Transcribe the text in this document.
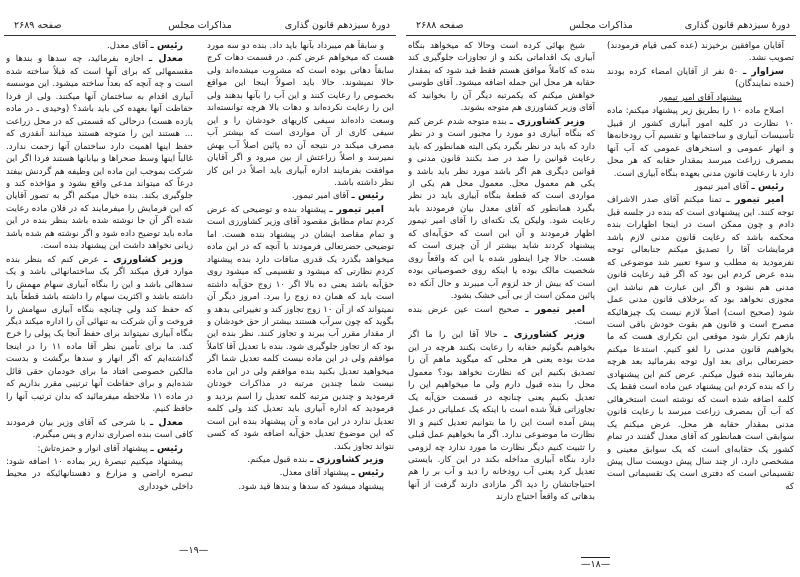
دورهٔ سیزدهم قانون گذاری
مذاکرات مجلس
صفحه ۲۶۸۹

و سابقاً هم میبرداد بآنها باید داد. بنده دو سه مورد هست که میخواهم عرض کنم. در قسمت دهات کرج سابقاً دهاتی بوده است که مشروب میشده‌اند ولی حالا نمیشوند. حالا باید اصولاً اینجا این مواقع بخصوص را رعایت کنند و این آب را بآنها بدهند ولی این را رعایت نکرده‌اند و دهات بالا هرچه توانسته‌اند وسعت داده‌اند سیفی کاریهای خودشان را و این سیفی کاری از آن مواردی است که بیشتر آب مصرف میکند در نتیجه آن ده پائین اصلاً آب بهش نمیرسد و اصلاً زراعتش از بین میرود و اگر آقایان موافقت بفرمایند اداره آبیاری باید اصلاً در این کار نظر داشته باشد.

رئیس ـ آقای امیر تیمور.

امیر تیمور ـ پیشنهاد بنده و توضیحی که عرض کردم تمام مطابق مقصود آقای وزیر کشاورزی است و تمام مقاصد ایشان در پیشنهاد بنده هست. اما توضیحی حضرتعالی فرمودند با آنچه که در این ماده میخواهد بگذرد یک قدری منافات دارد بنده پیشنهاد کردم نظارتی که میشود و تقسیمی که میشود روی حق‌آبه باشد یعنی ده بالا اگر ۱۰ زوج حق‌آبه داشته است باید که همان ده زوج را ببرد. امروز دیگر آن نمیتواند که از آن ۱۰ زوج تجاوز کند و تغییراتی بدهد و بگوید که چون سرآب هستند بیشتر از حق خودشان و از مقدار مقرر آب ببرند و تجاوز کنند. نظر بنده این بود که از تجاوز جلوگیری شود. بنده با تعدیل آقا کاملاً موافقم ولی در این ماده نیست کلمه تعدیل شما اگر میخواهید تعدیل بکنید بنده موافقم ولی در این ماده نیست شما چندین مرتبه در مذاکرات خودتان فرمودید و چندین مرتبه کلمه تعدیل را اسم بردید و فرمودید که اداره آبیاری باید تعدیل کند ولی کلمه تعدیل ندارد در این ماده و آن پیشنهاد بنده این است که این موضوع تعدیل حق‌آبه اضافه شود که کسی نتواند تجاوز بکند.

وزیر کشاورزی ـ بنده قبول میکنم.

رئیس ـ پیشنهاد آقای معدل.

پیشنهاد میشود که سدها و بندها قید شود.

رئیس ـ آقای معدل.

معدل ـ اجازه بفرمائید، چه سدها و بندها و مقسمهائی که برای آنها است که قبلاً ساخته شده است و چه آنچه که بعداً ساخته میشود. این موسسه آبیاری اقدام به ساختمان آنها میکنند. ولی از فردا حفاظت آنها بعهده کی باید باشد؟ (وحیدی ـ در ماده یازده هست) درحالی که قسمتی که در محل زراعت ... هستند این را متوجه هستند میدانند آنقدری که حفظ اینها اهمیت دارد ساختمان آنها زحمت ندارد. غالباً اینها وسط صحراها و بیابانها هستند فردا اگر این شرکت بموجب این ماده این وظیفه هم گردنش بیفتد درعاً که میتواند مدعی واقع بشود و مؤاخذه کند و جلوگیری بکند. بنده خیال میکنم اگر به تصور آقایان که این فرمایش را میفرمایند که در فلان ماده رعایت شده اگر آن جا نوشته شده باشد بنظر بنده در این ماده باید توضیح داده شود و اگر نوشته هم شده باشد زیانی نخواهد داشت این پیشنهاد بنده است.

وزیر کشاورزی ـ عرض کنم که بنظر بنده موارد فرق میکند اگر یک ساختمانهائی باشد و یک سدهائی باشد و این را بنگاه آبیاری سهام مهمش را داشته باشد و اکثریت سهام را داشته باشد قطعاً باید که حفظ کند ولی چنانچه بنگاه آبیاری سهامش را فروخت و آن شرکت به تنهائی آن را اداره میکند دیگر بنگاه آبیاری نمیتواند برای حفظ آنجا یک پولی را خرج کند. ما برای تأمین نظر آقا ماده ۱۱ را در اینجا گذاشته‌ایم که اگر انهار و سدها برگشت و بدست مالکین خصوصی افتاد ما برای خودمان حقی قائل شده‌ایم و برای حفاظت آنها ترتیبی مقرر بداریم که در ماده ۱۱ ملاحظه میفرمائید که بدان ترتیب آنها را حافظ کنیم.

معدل ـ با شرحی که آقای وزیر بیان فرمودند کافی است بنده اصراری ندارم و پس میگیرم.

رئیس ـ پیشنهاد آقای انوار و حمزه‌تاش:

پیشنهاد میکنیم تبصرهٔ زیر بماده ۱۰ اضافه شود: تبصره اراضی و مزارع و دهستانهائیکه در محیط داخلی خودداری

—۱۹—
دورهٔ سیزدهم قانون گذاری
مذاکرات مجلس
صفحه ۲۶۸۸

آقایان موافقین برخیزند (عده کمی قیام فرمودند) تصویب نشد.

سزاوار ـ ۵۰ نفر از آقایان امضاء کرده بودند (خنده نمایندگان)

پیشنهاد آقای امیر تیمور

اصلاح ماده ۱۰ را بطریق زیر پیشنهاد میکنم: ماده ۱۰ نظارت در کلیه امور آبیاری کشور از قبیل تأسیسات آبیاری و ساختمانها و تقسیم آب رودخانه‌ها و انهار عمومی و استخرهای عمومی که آب آنها بمصرف زراعت میرسد بمقدار حقابه که هر محل دارد با رعایت قانون مدنی بعهده بنگاه آبیاری است.

رئیس ـ آقای امیر تیمور

امیر تیمور ـ تمنا میکنم آقای صدر الاشراف توجه کنند. این پیشنهادی است که بنده در جلسه قبل دادم و چون ممکن است در اینجا اظهارات بنده محکمه باشد که رعایت قانون مدنی لازم باشد فرمایشات آقا را تصدیق میکنم جنابعالی توجه نفرمودید به مطلب و سوء تعبیر شد موضوعی که بنده عرض کردم این بود که اگر قید رعایت قانون مدنی هم نشود و اگر این عبارت هم نباشد این مجوزی نخواهد بود که برخلاف قانون مدنی عمل شود (صحیح است) اصلاً لازم نیست یک چیزهائیکه مصرح است و قانون هم بقوت خودش باقی است بازهم تکرار شود موقعی این تکراری هست که ما بخواهیم قانون مدنی را لغو کنیم. استدعا میکنم حضرتعالی برای بعد اول توجه بفرمائید بعد هرچه بفرمائید بنده قبول میکنم. عرض کنم این پیشنهادی را که بنده کردم این پیشنهاد عین ماده است فقط یک کلمه اضافه شده است که نوشته است استخرهائی که آب آن بمصرف زراعت میرسد با رعایت قانون مدنی بمقدار حقابه هر محل. عرض میکنم یک سوابقی است همانطور که آقای معدل گفتند در تمام کشور یک حقابه‌ای است که یک سوابق معینی و مشخصی دارد. از چند سال پیش دویست سال پیش تقسیماتی است که دفتری است یک تقسیماتی است که

شیخ بهائی کرده است وحالا که میخواهد بنگاه آبیاری یک اقداماتی بکند و از تجاوزات جلوگیری کند بنده که کاملاً موافق هستم فقط قید شود که بمقدار حقابه هر محل این جمله اضافه میشود. آقای طوسی خواهش میکنم که یکمرتبه دیگر آن را بخوانید که آقای وزیر کشاورزی هم متوجه بشوند.

وزیر کشاورزی ـ بنده متوجه شدم عرض کنم که بنگاه آبیاری دو مورد را مجبور است و در نظر دارد که باید در نظر بگیرد یکی البته همانطور که باید رعایت قوانین را صد در صد بکنند قانون مدنی و قوانین دیگری هم اگر باشد مورد نظر باید باشد و یکی هم معمول محل. معمول محل هم یکی از مواردی است که قطعهٔ بنگاه آبیاری باید در نظر بگیرد همانطور که آقای معدل بیان فرمودند باید رعایت شود. ولیکن یک نکته‌ای را آقای امیر تیمور اظهار فرمودند و آن این است که حق‌آبه‌ای که پیشنهاد کردند شاید بیشتر از آن چیزی است که هست. حالا چرا اینطور شده یا این که واقعاً روی شخصیت مالک بوده یا اینکه روی خصوصیاتی بوده است که بیش از حد لزوم آب میبرند و حال آنکه ده پائین ممکن است از بی آبی خشک بشود.

امیر تیمور ـ صحیح است عین عرض بنده است.

وزیر کشاورزی ـ حالا آقا این را ما اگر بخواهیم بگوئیم حقابه را رعایت بکنند هرچه در این مدت بوده یعنی هر محلی که میگوید ماهم آن را تصدیق بکنیم این که نظارت نخواهد بود؟ معمول محل را بنده قبول دارم ولی ما میخواهیم این را تعدیل بکنیم یعنی چنانچه در قسمت حق‌آبه یک تجاوزاتی قبلاً شده است با اینکه یک عملیاتی در عمل پیش آمده است این را ما بتوانیم تعدیل کنیم و الا نظارت ما موضوعی ندارد. اگر ما بخواهیم عمل قبلی را تثبیت کنیم دیگر نظارت ما مورد ندارد چه لزومی دارد بنگاه آبیاری مداخله بکند در این کار. بایستی تعدیل کرد یعنی آب رودخانه را دید و آب بر را هم احتیاجاتشان را دید اگر مازادی دارند گرفت از آنها بدهاتی که واقعاً احتیاج دارند

—۱۸—
